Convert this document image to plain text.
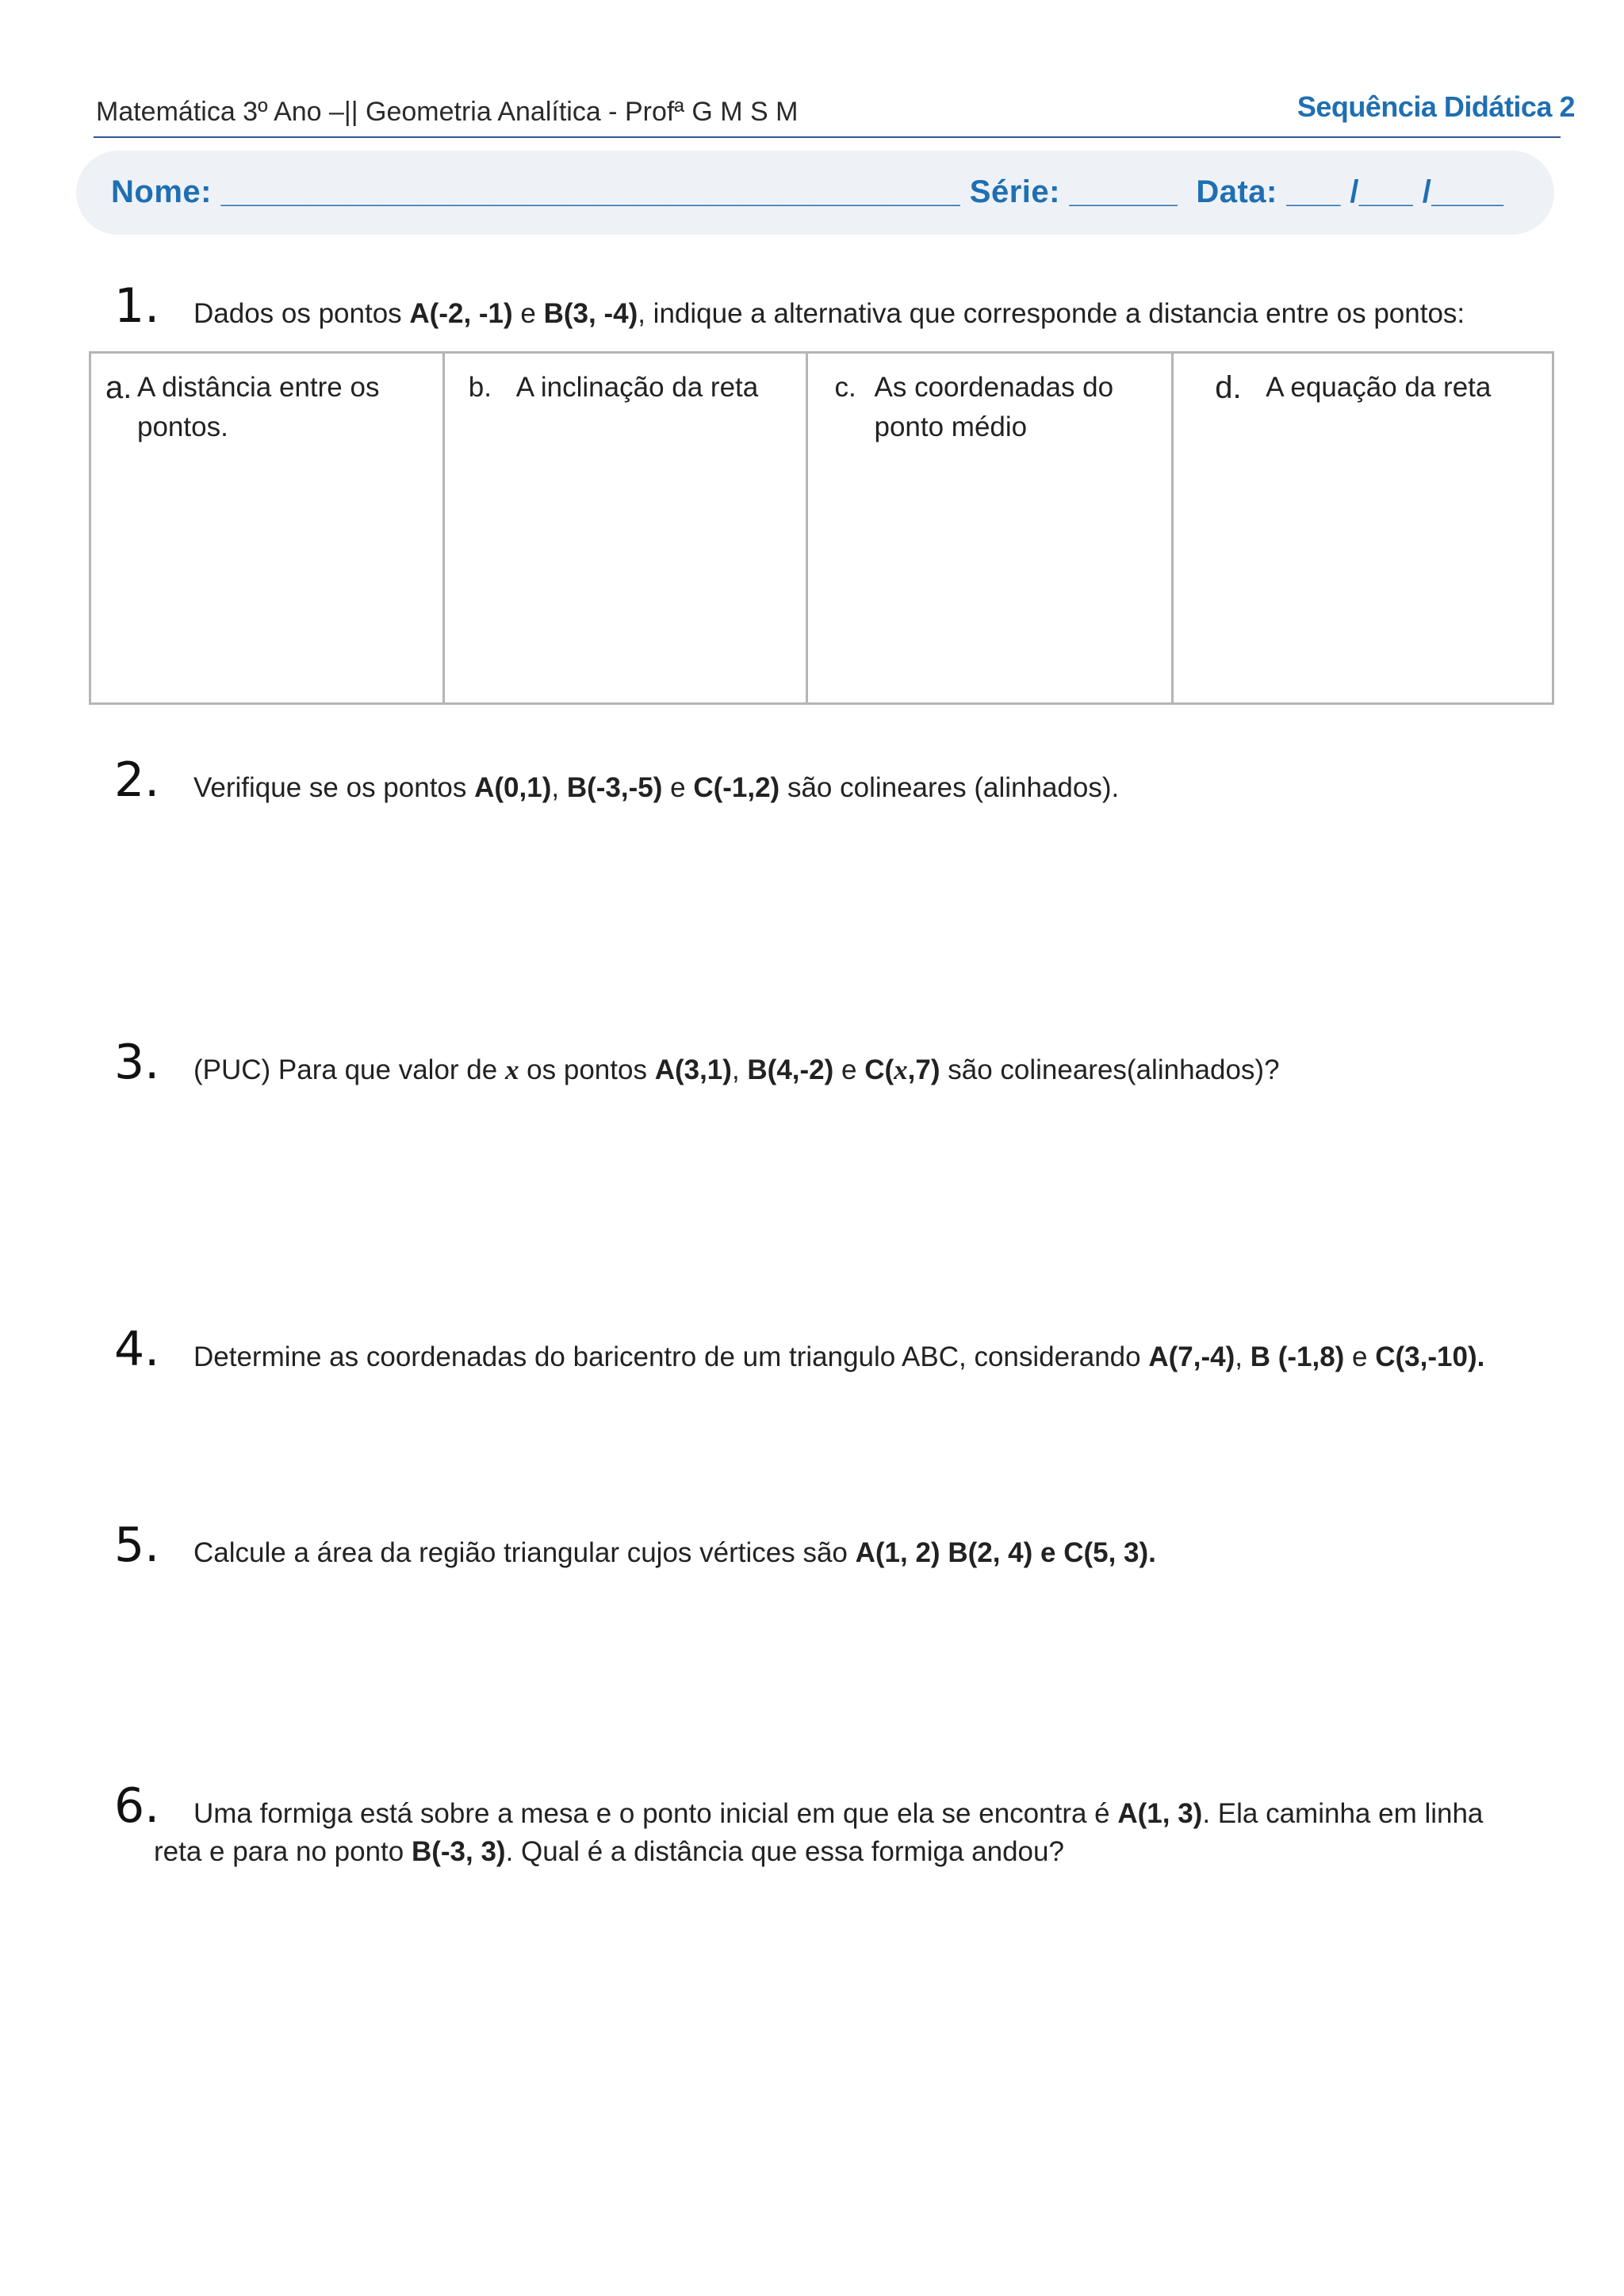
Matemática 3º Ano –|| Geometria Analítica - Profª G M S M	Sequência Didática 2
Nome: _________________________________________ Série: ______ Data: ___ /___ /____
1. Dados os pontos A(-2, -1) e B(3, -4), indique a alternativa que corresponde a distancia entre os pontos:
a. A distância entre os pontos.
b. A inclinação da reta	c. As coordenadas do ponto médio
d. A equação da reta
2. Verifique se os pontos A(0,1), B(-3,-5) e C(-1,2) são colineares (alinhados).
3. (PUC) Para que valor de x os pontos A(3,1), B(4,-2) e C(x,7) são colineares(alinhados)?
4. Determine as coordenadas do baricentro de um triangulo ABC, considerando A(7,-4), B (-1,8) e C(3,-10).
5. Calcule a área da região triangular cujos vértices são A(1, 2) B(2, 4) e C(5, 3).
6. Uma formiga está sobre a mesa e o ponto inicial em que ela se encontra é A(1, 3). Ela caminha em linha
reta e para no ponto B(-3, 3). Qual é a distância que essa formiga andou?
